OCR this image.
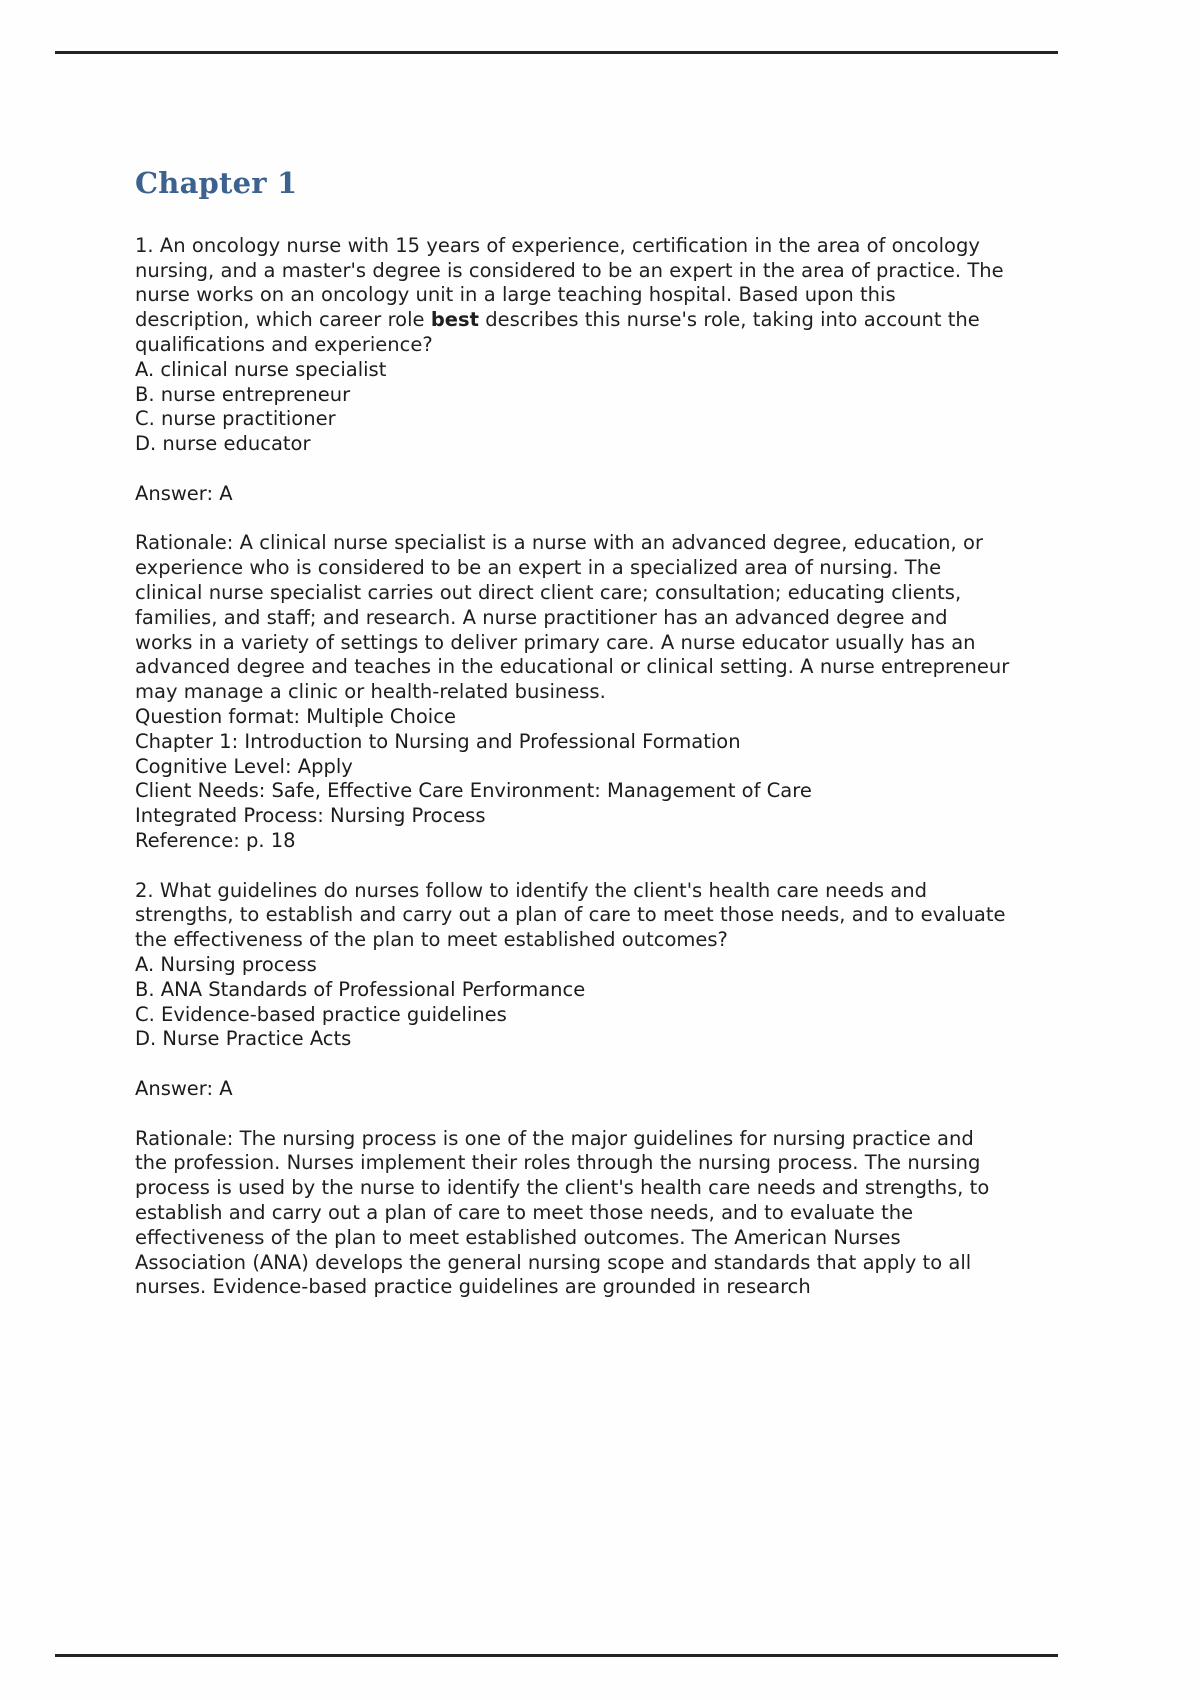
Chapter 1

1. An oncology nurse with 15 years of experience, certification in the area of oncology nursing, and a master's degree is considered to be an expert in the area of practice. The nurse works on an oncology unit in a large teaching hospital. Based upon this description, which career role best describes this nurse's role, taking into account the qualifications and experience?

A. clinical nurse specialist
B. nurse entrepreneur
C. nurse practitioner
D. nurse educator
Answer: A

Rationale: A clinical nurse specialist is a nurse with an advanced degree, education, or experience who is considered to be an expert in a specialized area of nursing. The clinical nurse specialist carries out direct client care; consultation; educating clients, families, and staff; and research. A nurse practitioner has an advanced degree and works in a variety of settings to deliver primary care. A nurse educator usually has an advanced degree and teaches in the educational or clinical setting. A nurse entrepreneur may manage a clinic or health-related business.

Question format: Multiple Choice
Chapter 1: Introduction to Nursing and Professional Formation
Cognitive Level: Apply
Client Needs: Safe, Effective Care Environment: Management of Care
Integrated Process: Nursing Process
Reference: p. 18

2. What guidelines do nurses follow to identify the client's health care needs and strengths, to establish and carry out a plan of care to meet those needs, and to evaluate the effectiveness of the plan to meet established outcomes?

A. Nursing process
B. ANA Standards of Professional Performance
C. Evidence-based practice guidelines
D. Nurse Practice Acts
Answer: A

Rationale: The nursing process is one of the major guidelines for nursing practice and the profession. Nurses implement their roles through the nursing process. The nursing process is used by the nurse to identify the client's health care needs and strengths, to establish and carry out a plan of care to meet those needs, and to evaluate the effectiveness of the plan to meet established outcomes. The American Nurses Association (ANA) develops the general nursing scope and standards that apply to all nurses. Evidence-based practice guidelines are grounded in research
